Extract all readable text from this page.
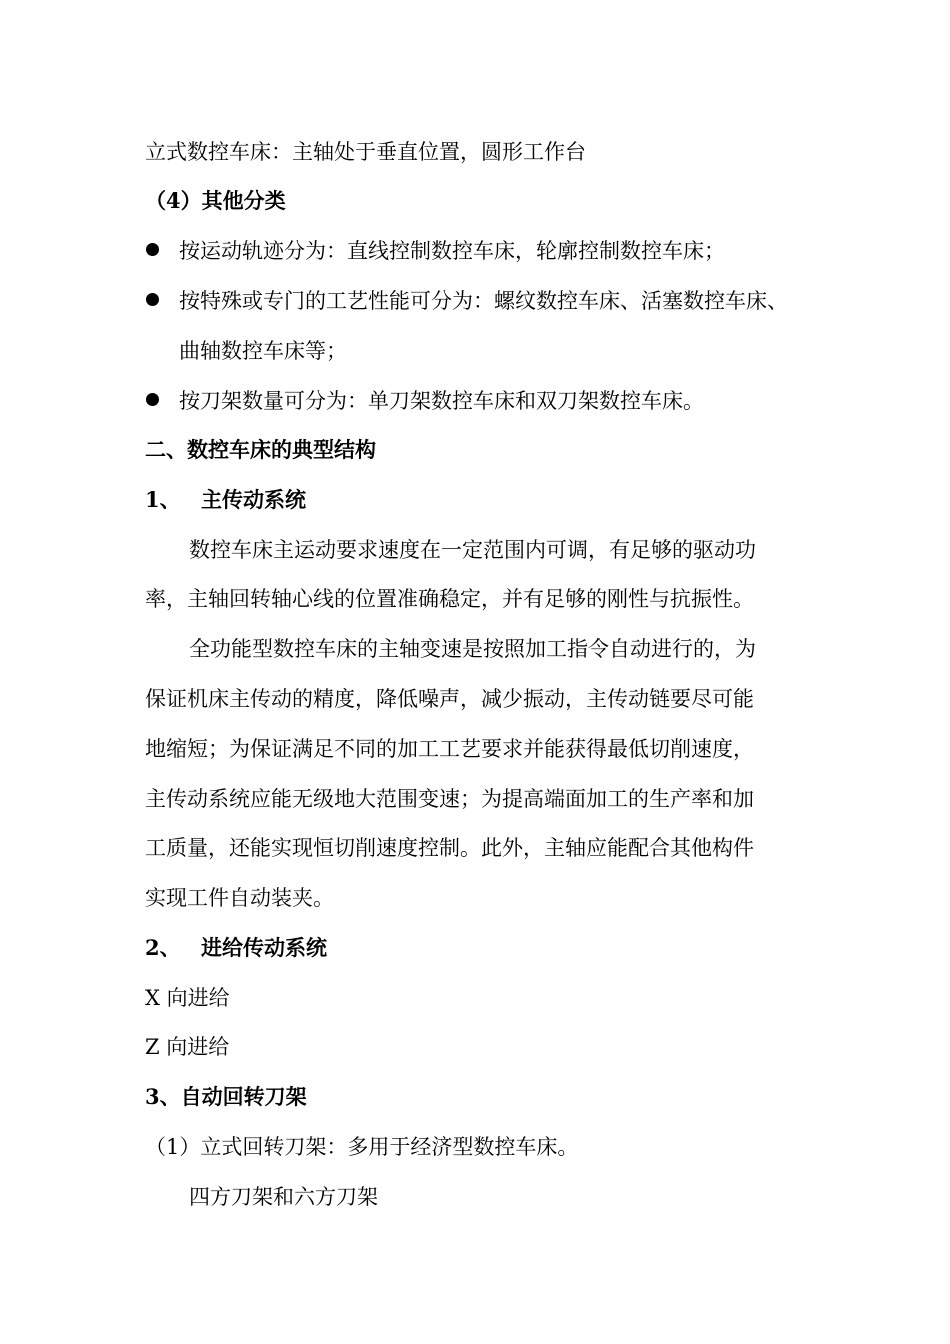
立式数控车床：主轴处于垂直位置，圆形工作台
（4）其他分类
按运动轨迹分为：直线控制数控车床，轮廓控制数控车床；
按特殊或专门的工艺性能可分为：螺纹数控车床、活塞数控车床、
曲轴数控车床等；
按刀架数量可分为：单刀架数控车床和双刀架数控车床。
二、数控车床的典型结构
1、 主传动系统
数控车床主运动要求速度在一定范围内可调，有足够的驱动功
率，主轴回转轴心线的位置准确稳定，并有足够的刚性与抗振性。
全功能型数控车床的主轴变速是按照加工指令自动进行的，为
保证机床主传动的精度，降低噪声，减少振动，主传动链要尽可能
地缩短；为保证满足不同的加工工艺要求并能获得最低切削速度，
主传动系统应能无级地大范围变速；为提高端面加工的生产率和加
工质量，还能实现恒切削速度控制。此外，主轴应能配合其他构件
实现工件自动装夹。
2、 进给传动系统
X 向进给
Z 向进给
3、自动回转刀架
（1）立式回转刀架：多用于经济型数控车床。
四方刀架和六方刀架
